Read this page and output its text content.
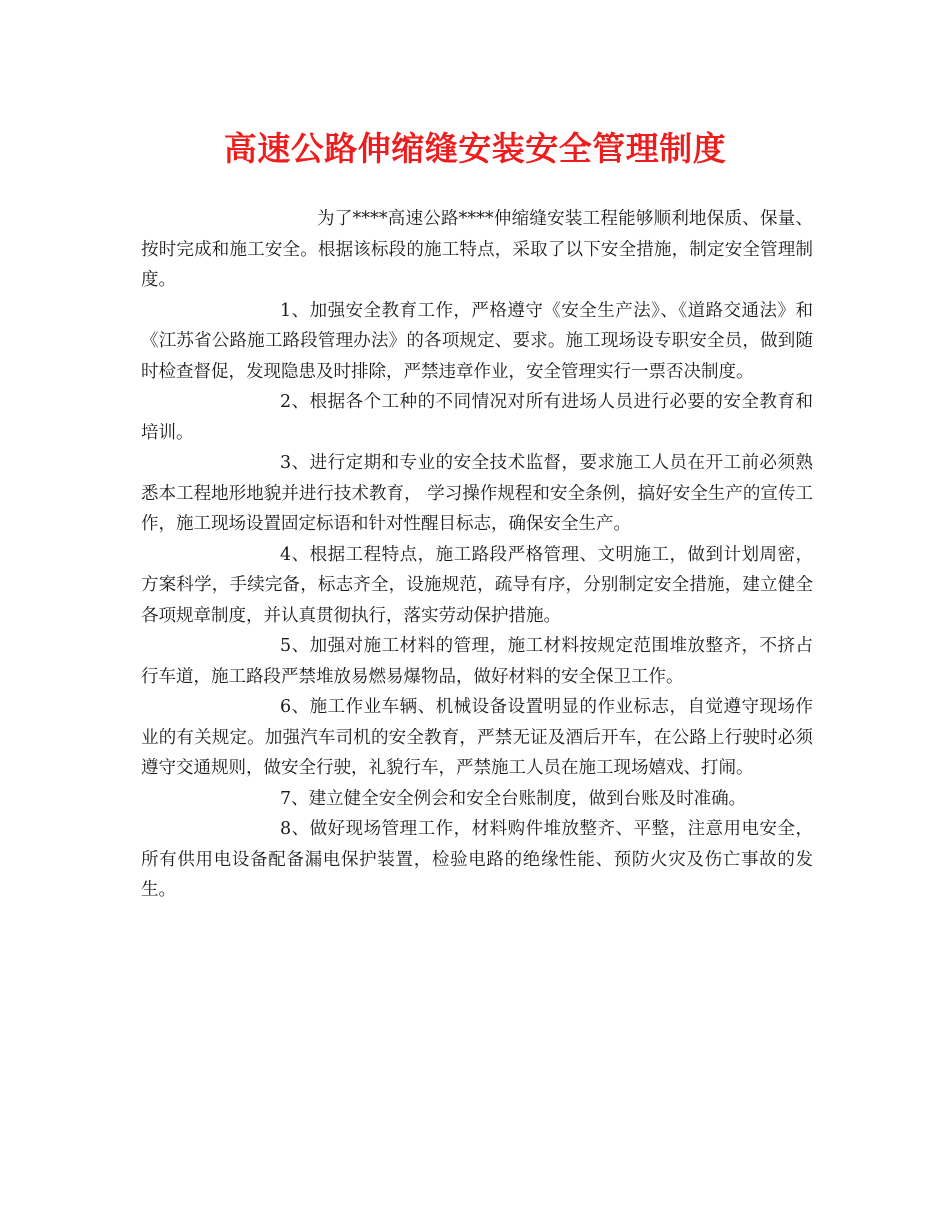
高速公路伸缩缝安装安全管理制度

为了****高速公路****伸缩缝安装工程能够顺利地保质、保量、按时完成和施工安全。根据该标段的施工特点，采取了以下安全措施，制定安全管理制度。

1、加强安全教育工作，严格遵守《安全生产法》、《道路交通法》和《江苏省公路施工路段管理办法》的各项规定、要求。施工现场设专职安全员，做到随时检查督促，发现隐患及时排除，严禁违章作业，安全管理实行一票否决制度。

2、根据各个工种的不同情况对所有进场人员进行必要的安全教育和培训。

3、进行定期和专业的安全技术监督，要求施工人员在开工前必须熟悉本工程地形地貌并进行技术教育， 学习操作规程和安全条例，搞好安全生产的宣传工作，施工现场设置固定标语和针对性醒目标志，确保安全生产。

4、根据工程特点，施工路段严格管理、文明施工，做到计划周密，方案科学，手续完备，标志齐全，设施规范，疏导有序，分别制定安全措施，建立健全各项规章制度，并认真贯彻执行，落实劳动保护措施。

5、加强对施工材料的管理，施工材料按规定范围堆放整齐，不挤占行车道，施工路段严禁堆放易燃易爆物品，做好材料的安全保卫工作。

6、施工作业车辆、机械设备设置明显的作业标志，自觉遵守现场作业的有关规定。加强汽车司机的安全教育，严禁无证及酒后开车，在公路上行驶时必须遵守交通规则，做安全行驶，礼貌行车，严禁施工人员在施工现场嬉戏、打闹。

7、建立健全安全例会和安全台账制度，做到台账及时准确。

8、做好现场管理工作，材料购件堆放整齐、平整，注意用电安全，所有供用电设备配备漏电保护装置，检验电路的绝缘性能、预防火灾及伤亡事故的发生。
